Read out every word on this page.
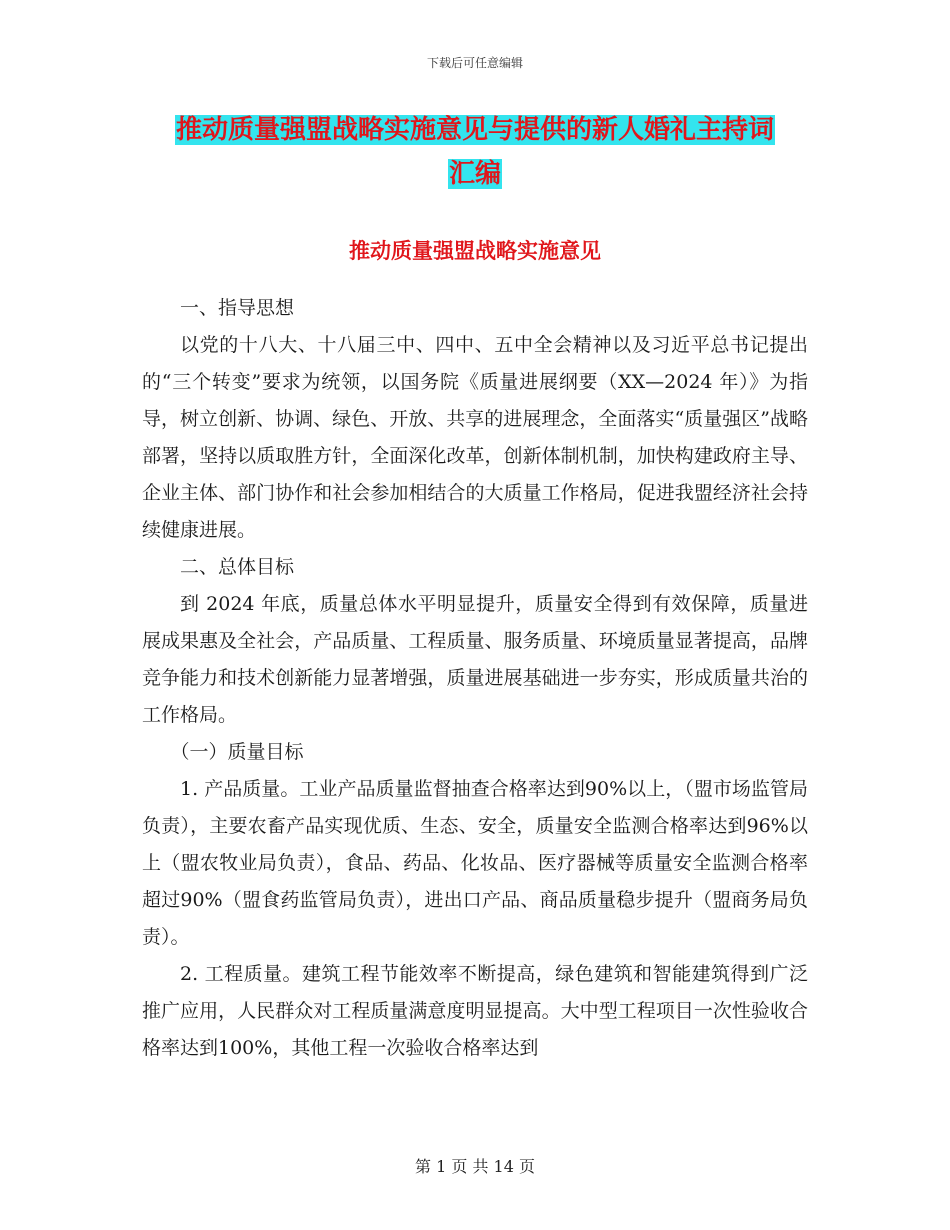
下载后可任意编辑
推动质量强盟战略实施意见与提供的新人婚礼主持词
汇编
推动质量强盟战略实施意见

一、指导思想

以党的十八大、十八届三中、四中、五中全会精神以及习近平总书记提出的“三个转变”要求为统领，以国务院《质量进展纲要（XX—2024 年）》为指导，树立创新、协调、绿色、开放、共享的进展理念，全面落实“质量强区”战略部署，坚持以质取胜方针，全面深化改革，创新体制机制，加快构建政府主导、企业主体、部门协作和社会参加相结合的大质量工作格局，促进我盟经济社会持续健康进展。

二、总体目标

到 2024 年底，质量总体水平明显提升，质量安全得到有效保障，质量进展成果惠及全社会，产品质量、工程质量、服务质量、环境质量显著提高，品牌竞争能力和技术创新能力显著增强，质量进展基础进一步夯实，形成质量共治的工作格局。

（一）质量目标

1. 产品质量。工业产品质量监督抽查合格率达到90%以上，（盟市场监管局负责），主要农畜产品实现优质、生态、安全，质量安全监测合格率达到96%以上（盟农牧业局负责），食品、药品、化妆品、医疗器械等质量安全监测合格率超过90%（盟食药监管局负责），进出口产品、商品质量稳步提升（盟商务局负责）。

2. 工程质量。建筑工程节能效率不断提高，绿色建筑和智能建筑得到广泛推广应用，人民群众对工程质量满意度明显提高。大中型工程项目一次性验收合格率达到100%，其他工程一次验收合格率达到

第 1 页 共 14 页
